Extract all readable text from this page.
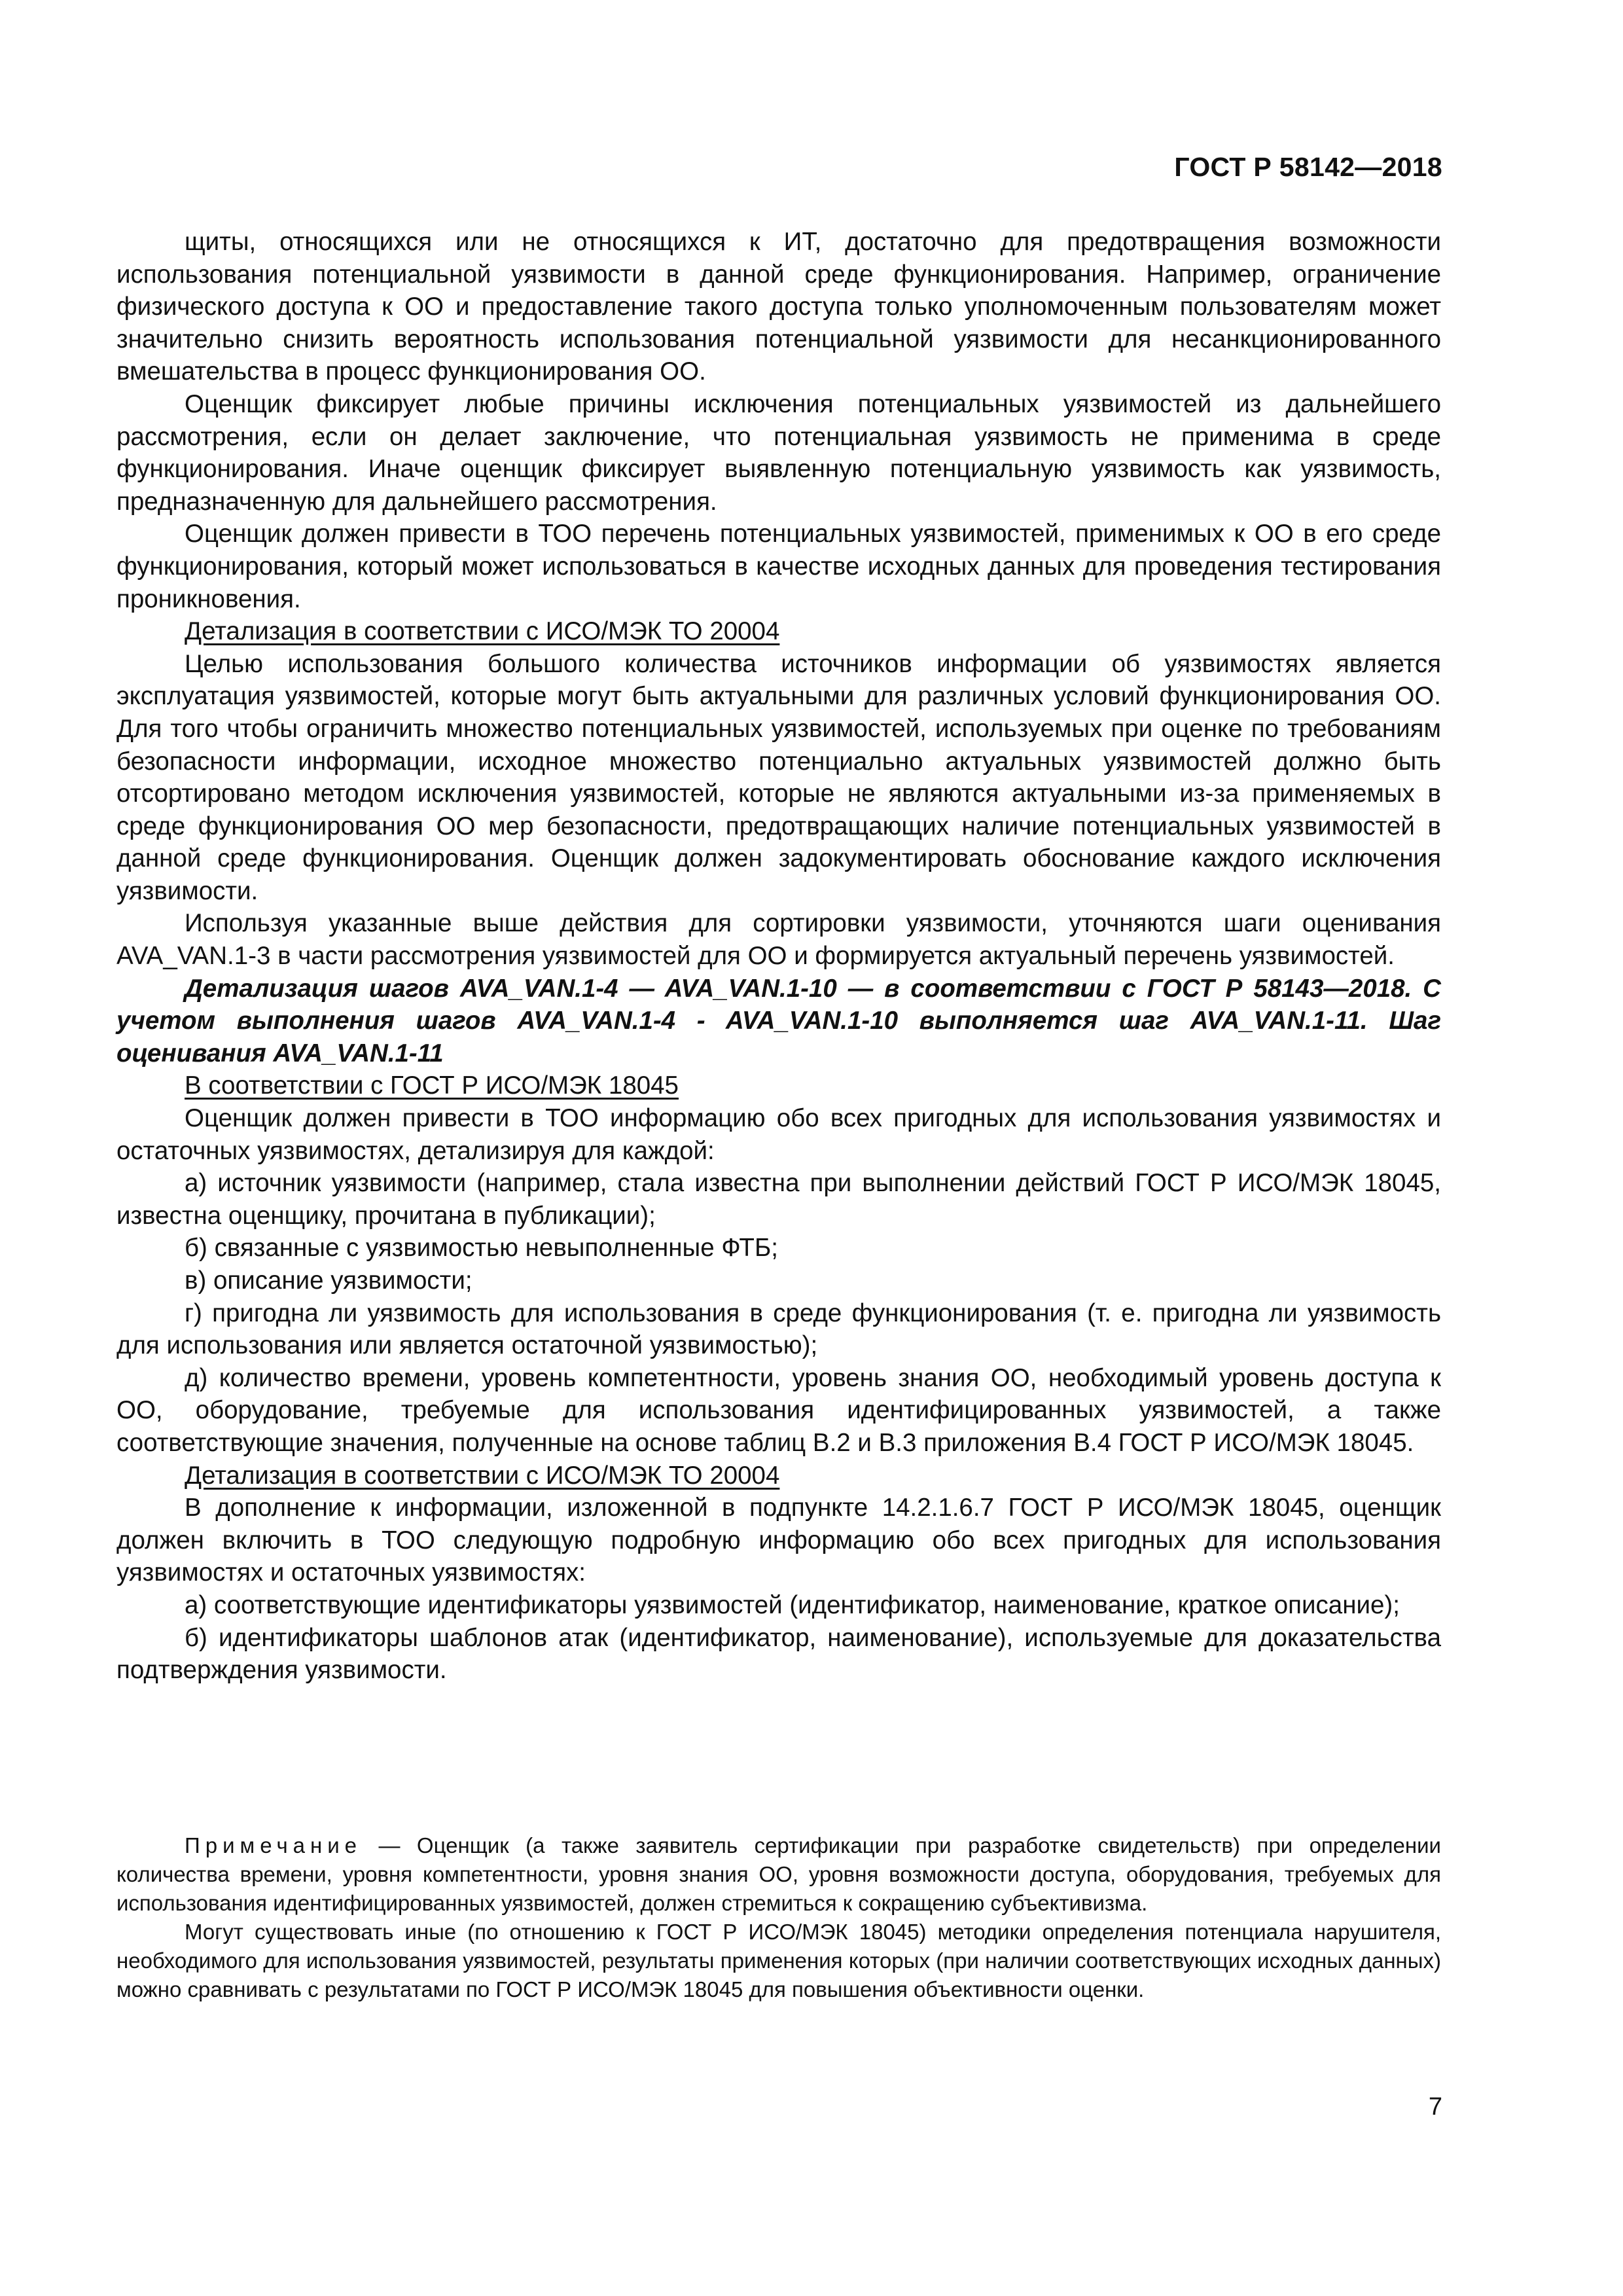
ГОСТ Р 58142—2018

щиты, относящихся или не относящихся к ИТ, достаточно для предотвращения возможности использования потенциальной уязвимости в данной среде функционирования. Например, ограничение физического доступа к ОО и предоставление такого доступа только уполномоченным пользователям может значительно снизить вероятность использования потенциальной уязвимости для несанкционированного вмешательства в процесс функционирования ОО.

Оценщик фиксирует любые причины исключения потенциальных уязвимостей из дальнейшего рассмотрения, если он делает заключение, что потенциальная уязвимость не применима в среде функционирования. Иначе оценщик фиксирует выявленную потенциальную уязвимость как уязвимость, предназначенную для дальнейшего рассмотрения.

Оценщик должен привести в ТОО перечень потенциальных уязвимостей, применимых к ОО в его среде функционирования, который может использоваться в качестве исходных данных для проведения тестирования проникновения.

Детализация в соответствии с ИСО/МЭК ТО 20004

Целью использования большого количества источников информации об уязвимостях является эксплуатация уязвимостей, которые могут быть актуальными для различных условий функционирования ОО. Для того чтобы ограничить множество потенциальных уязвимостей, используемых при оценке по требованиям безопасности информации, исходное множество потенциально актуальных уязвимостей должно быть отсортировано методом исключения уязвимостей, которые не являются актуальными из-за применяемых в среде функционирования ОО мер безопасности, предотвращающих наличие потенциальных уязвимостей в данной среде функционирования. Оценщик должен задокументировать обоснование каждого исключения уязвимости.

Используя указанные выше действия для сортировки уязвимости, уточняются шаги оценивания AVA_VAN.1-3 в части рассмотрения уязвимостей для ОО и формируется актуальный перечень уязвимостей.

Детализация шагов AVA_VAN.1-4 — AVA_VAN.1-10 — в соответствии с ГОСТ Р 58143—2018. С учетом выполнения шагов AVA_VAN.1-4 - AVA_VAN.1-10 выполняется шаг AVA_VAN.1-11. Шаг оценивания AVA_VAN.1-11

В соответствии с ГОСТ Р ИСО/МЭК 18045

Оценщик должен привести в ТОО информацию обо всех пригодных для использования уязвимостях и остаточных уязвимостях, детализируя для каждой:

а) источник уязвимости (например, стала известна при выполнении действий ГОСТ Р ИСО/МЭК 18045, известна оценщику, прочитана в публикации);

б) связанные с уязвимостью невыполненные ФТБ;

в) описание уязвимости;

г) пригодна ли уязвимость для использования в среде функционирования (т. е. пригодна ли уязвимость для использования или является остаточной уязвимостью);

д) количество времени, уровень компетентности, уровень знания ОО, необходимый уровень доступа к ОО, оборудование, требуемые для использования идентифицированных уязвимостей, а также соответствующие значения, полученные на основе таблиц В.2 и В.3 приложения В.4 ГОСТ Р ИСО/МЭК 18045.

Детализация в соответствии с ИСО/МЭК ТО 20004

В дополнение к информации, изложенной в подпункте 14.2.1.6.7 ГОСТ Р ИСО/МЭК 18045, оценщик должен включить в ТОО следующую подробную информацию обо всех пригодных для использования уязвимостях и остаточных уязвимостях:

а) соответствующие идентификаторы уязвимостей (идентификатор, наименование, краткое описание);

б) идентификаторы шаблонов атак (идентификатор, наименование), используемые для доказательства подтверждения уязвимости.

Примечание — Оценщик (а также заявитель сертификации при разработке свидетельств) при определении количества времени, уровня компетентности, уровня знания ОО, уровня возможности доступа, оборудования, требуемых для использования идентифицированных уязвимостей, должен стремиться к сокращению субъективизма.

Могут существовать иные (по отношению к ГОСТ Р ИСО/МЭК 18045) методики определения потенциала нарушителя, необходимого для использования уязвимостей, результаты применения которых (при наличии соответствующих исходных данных) можно сравнивать с результатами по ГОСТ Р ИСО/МЭК 18045 для повышения объективности оценки.

7
